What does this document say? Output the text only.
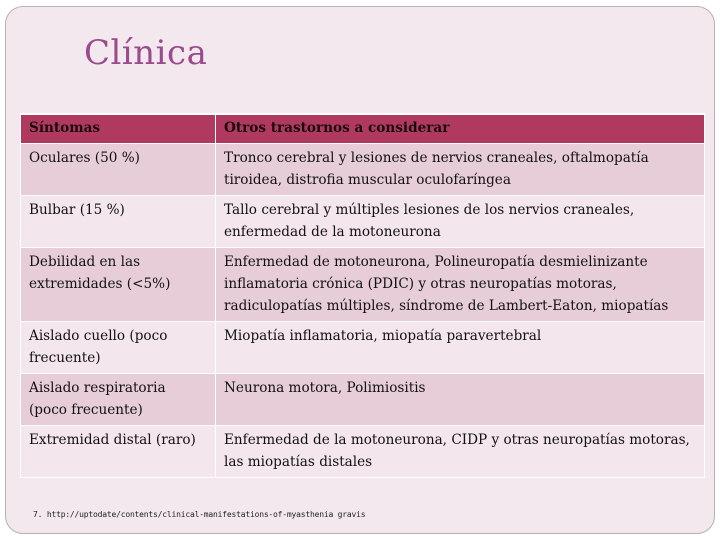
Clínica
Síntomas	Otros trastornos a considerar
Oculares (50 %)	Tronco cerebral y lesiones de nervios craneales, oftalmopatía tiroidea, distrofia muscular oculofaríngea
Bulbar (15 %)	Tallo cerebral y múltiples lesiones de los nervios craneales, enfermedad de la motoneurona
Debilidad en las extremidades (<5%)	Enfermedad de motoneurona, Polineuropatía desmielinizante inflamatoria crónica (PDIC) y otras neuropatías motoras, radiculopatías múltiples, síndrome de Lambert-Eaton, miopatías
Aislado cuello (poco frecuente)	Miopatía inflamatoria, miopatía paravertebral
Aislado respiratoria (poco frecuente)	Neurona motora, Polimiositis
Extremidad distal (raro)	Enfermedad de la motoneurona, CIDP y otras neuropatías motoras, las miopatías distales
7. http://uptodate/contents/clinical-manifestations-of-myasthenia gravis
